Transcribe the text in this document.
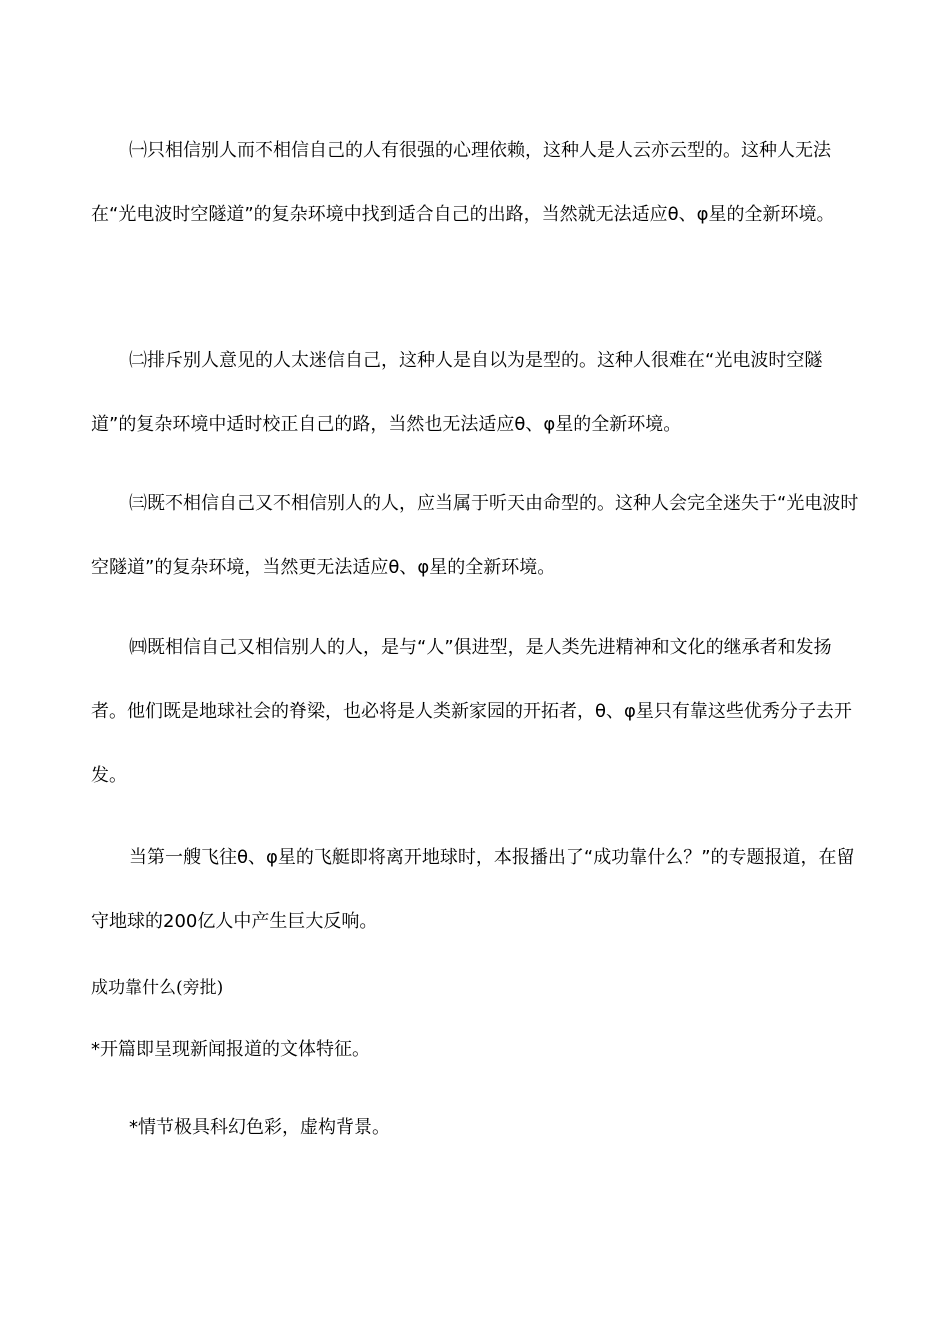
㈠只相信别人而不相信自己的人有很强的心理依赖，这种人是人云亦云型的。这种人无法在“光电波时空隧道”的复杂环境中找到适合自己的出路，当然就无法适应θ、φ星的全新环境。

㈡排斥别人意见的人太迷信自己，这种人是自以为是型的。这种人很难在“光电波时空隧道”的复杂环境中适时校正自己的路，当然也无法适应θ、φ星的全新环境。

㈢既不相信自己又不相信别人的人，应当属于听天由命型的。这种人会完全迷失于“光电波时空隧道”的复杂环境，当然更无法适应θ、φ星的全新环境。

㈣既相信自己又相信别人的人，是与“人”俱进型，是人类先进精神和文化的继承者和发扬者。他们既是地球社会的脊梁，也必将是人类新家园的开拓者，θ、φ星只有靠这些优秀分子去开发。

当第一艘飞往θ、φ星的飞艇即将离开地球时，本报播出了“成功靠什么？”的专题报道，在留守地球的200亿人中产生巨大反响。

成功靠什么(旁批)

*开篇即呈现新闻报道的文体特征。

*情节极具科幻色彩，虚构背景。
